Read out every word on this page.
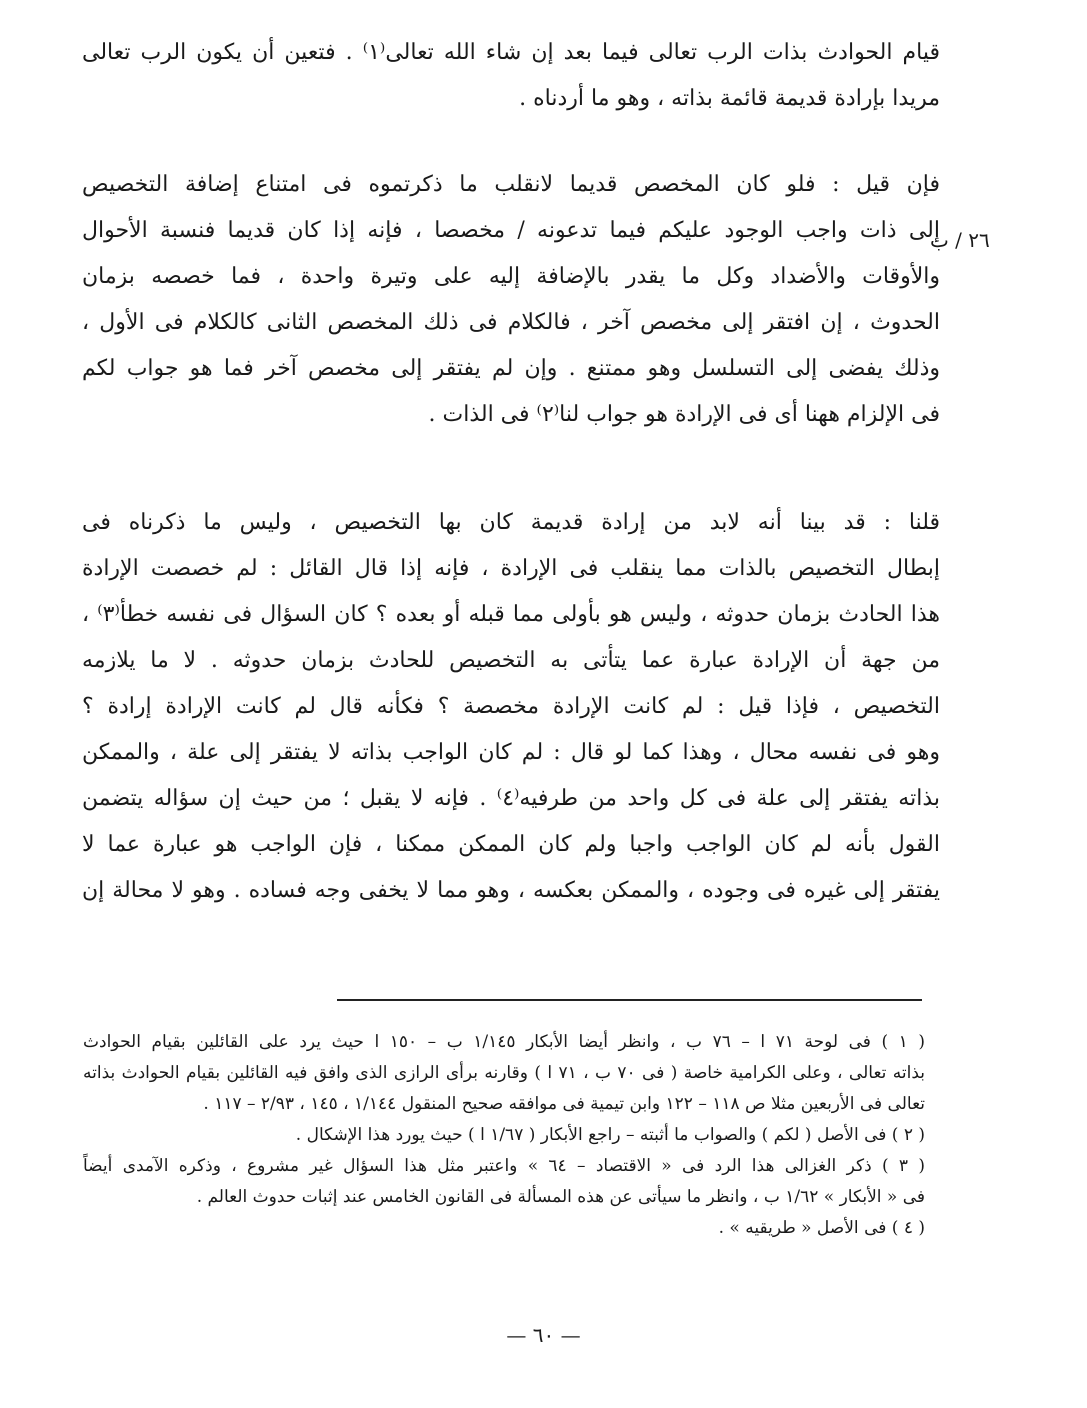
٢٦ / ب
قيام الحوادث بذات الرب تعالى فيما بعد إن شاء الله تعالى⁽١⁾ . فتعين أن يكون الرب تعالى
مريدا بإرادة قديمة قائمة بذاته ، وهو ما أردناه .
فإن قيل : فلو كان المخصص قديما لانقلب ما ذكرتموه فى امتناع إضافة التخصيص
إلى ذات واجب الوجود عليكم فيما تدعونه / مخصصا ، فإنه إذا كان قديما فنسبة الأحوال
والأوقات والأضداد وكل ما يقدر بالإضافة إليه على وتيرة واحدة ، فما خصصه بزمان
الحدوث ، إن افتقر إلى مخصص آخر ، فالكلام فى ذلك المخصص الثانى كالكلام فى الأول ،
وذلك يفضى إلى التسلسل وهو ممتنع . وإن لم يفتقر إلى مخصص آخر فما هو جواب لكم
فى الإلزام ههنا أى فى الإرادة هو جواب لنا⁽٢⁾ فى الذات .
قلنا : قد بينا أنه لابد من إرادة قديمة كان بها التخصيص ، وليس ما ذكرناه فى
إبطال التخصيص بالذات مما ينقلب فى الإرادة ، فإنه إذا قال القائل : لم خصصت الإرادة
هذا الحادث بزمان حدوثه ، وليس هو بأولى مما قبله أو بعده ؟ كان السؤال فى نفسه خطأ⁽٣⁾ ،
من جهة أن الإرادة عبارة عما يتأتى به التخصيص للحادث بزمان حدوثه . لا ما يلازمه
التخصيص ، فإذا قيل : لم كانت الإرادة مخصصة ؟ فكأنه قال لم كانت الإرادة إرادة ؟
وهو فى نفسه محال ، وهذا كما لو قال : لم كان الواجب بذاته لا يفتقر إلى علة ، والممكن
بذاته يفتقر إلى علة فى كل واحد من طرفيه⁽٤⁾ . فإنه لا يقبل ؛ من حيث إن سؤاله يتضمن
القول بأنه لم كان الواجب واجبا ولم كان الممكن ممكنا ، فإن الواجب هو عبارة عما لا
يفتقر إلى غيره فى وجوده ، والممكن بعكسه ، وهو مما لا يخفى وجه فساده . وهو لا محالة إن
( ١ ) فى لوحة ٧١ ا – ٧٦ ب ، وانظر أيضا الأبكار ١/١٤٥ ب – ١٥٠ ا حيث يرد على القائلين بقيام الحوادث
بذاته تعالى ، وعلى الكرامية خاصة ( فى ٧٠ ب ، ٧١ ا ) وقارنه برأى الرازى الذى وافق فيه القائلين بقيام الحوادث بذاته
تعالى فى الأربعين مثلا ص ١١٨ – ١٢٢ وابن تيمية فى موافقه صحيح المنقول ١/١٤٤ ، ١٤٥ ، ٢/٩٣ – ١١٧ .
( ٢ ) فى الأصل ( لكم ) والصواب ما أثبته – راجع الأبكار ( ١/٦٧ ا ) حيث يورد هذا الإشكال .
( ٣ ) ذكر الغزالى هذا الرد فى « الاقتصاد – ٦٤ » واعتبر مثل هذا السؤال غير مشروع ، وذكره الآمدى أيضاً
فى « الأبكار » ١/٦٢ ب ، وانظر ما سيأتى عن هذه المسألة فى القانون الخامس عند إثبات حدوث العالم .
( ٤ ) فى الأصل « طريقيه » .
— ٦٠ —
